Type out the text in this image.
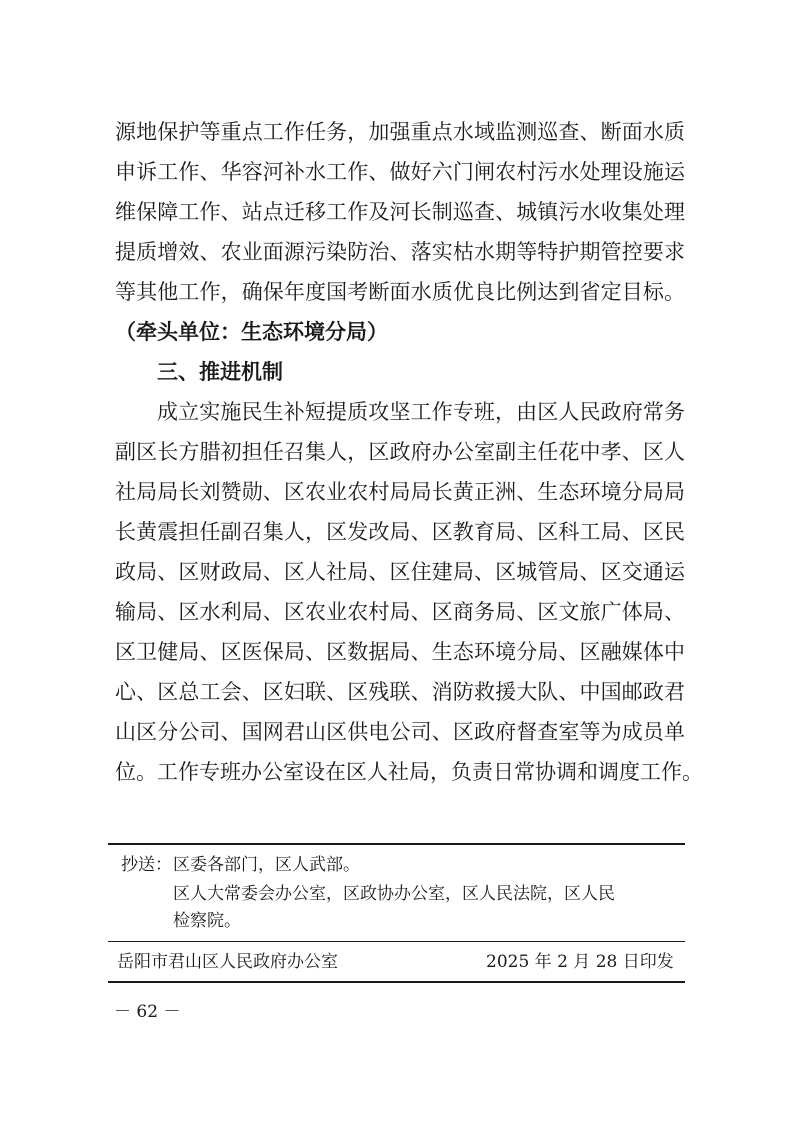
源地保护等重点工作任务，加强重点水域监测巡查、断面水质
申诉工作、华容河补水工作、做好六门闸农村污水处理设施运
维保障工作、站点迁移工作及河长制巡查、城镇污水收集处理
提质增效、农业面源污染防治、落实枯水期等特护期管控要求
等其他工作，确保年度国考断面水质优良比例达到省定目标。
（牵头单位：生态环境分局）
三、推进机制
成立实施民生补短提质攻坚工作专班，由区人民政府常务
副区长方腊初担任召集人，区政府办公室副主任花中孝、区人
社局局长刘赞勋、区农业农村局局长黄正洲、生态环境分局局
长黄震担任副召集人，区发改局、区教育局、区科工局、区民
政局、区财政局、区人社局、区住建局、区城管局、区交通运
输局、区水利局、区农业农村局、区商务局、区文旅广体局、
区卫健局、区医保局、区数据局、生态环境分局、区融媒体中
心、区总工会、区妇联、区残联、消防救援大队、中国邮政君
山区分公司、国网君山区供电公司、区政府督查室等为成员单
位。工作专班办公室设在区人社局，负责日常协调和调度工作。
抄送： 区委各部门，区人武部。
区人大常委会办公室，区政协办公室，区人民法院，区人民
检察院。
岳阳市君山区人民政府办公室	2025 年 2 月 28 日印发
－ 62 －
